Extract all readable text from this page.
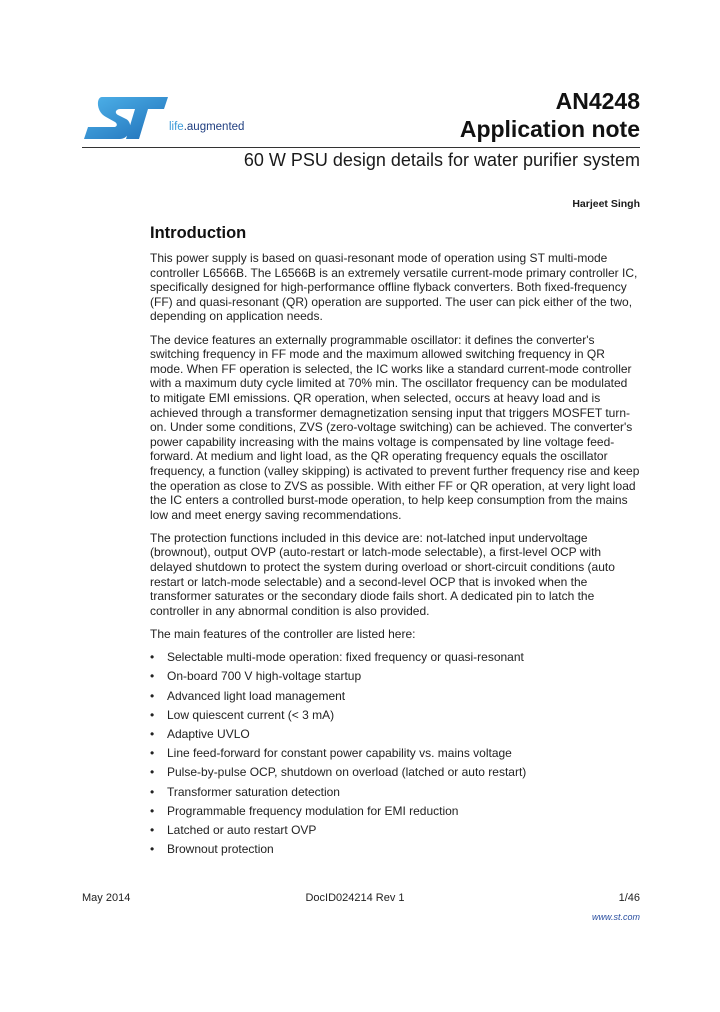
life.augmented
AN4248
Application note
60 W PSU design details for water purifier system
Harjeet Singh
Introduction

This power supply is based on quasi-resonant mode of operation using ST multi-mode controller L6566B. The L6566B is an extremely versatile current-mode primary controller IC, specifically designed for high-performance offline flyback converters. Both fixed-frequency (FF) and quasi-resonant (QR) operation are supported. The user can pick either of the two, depending on application needs.

The device features an externally programmable oscillator: it defines the converter's switching frequency in FF mode and the maximum allowed switching frequency in QR mode. When FF operation is selected, the IC works like a standard current-mode controller with a maximum duty cycle limited at 70% min. The oscillator frequency can be modulated to mitigate EMI emissions. QR operation, when selected, occurs at heavy load and is achieved through a transformer demagnetization sensing input that triggers MOSFET turn-on. Under some conditions, ZVS (zero-voltage switching) can be achieved. The converter's power capability increasing with the mains voltage is compensated by line voltage feed-forward. At medium and light load, as the QR operating frequency equals the oscillator frequency, a function (valley skipping) is activated to prevent further frequency rise and keep the operation as close to ZVS as possible. With either FF or QR operation, at very light load the IC enters a controlled burst-mode operation, to help keep consumption from the mains low and meet energy saving recommendations.

The protection functions included in this device are: not-latched input undervoltage (brownout), output OVP (auto-restart or latch-mode selectable), a first-level OCP with delayed shutdown to protect the system during overload or short-circuit conditions (auto restart or latch-mode selectable) and a second-level OCP that is invoked when the transformer saturates or the secondary diode fails short. A dedicated pin to latch the controller in any abnormal condition is also provided.

The main features of the controller are listed here:

• Selectable multi-mode operation: fixed frequency or quasi-resonant
• On-board 700 V high-voltage startup
• Advanced light load management
• Low quiescent current (< 3 mA)
• Adaptive UVLO
• Line feed-forward for constant power capability vs. mains voltage
• Pulse-by-pulse OCP, shutdown on overload (latched or auto restart)
• Transformer saturation detection
• Programmable frequency modulation for EMI reduction
• Latched or auto restart OVP
• Brownout protection
May 2014	DocID024214 Rev 1	1/46
www.st.com
